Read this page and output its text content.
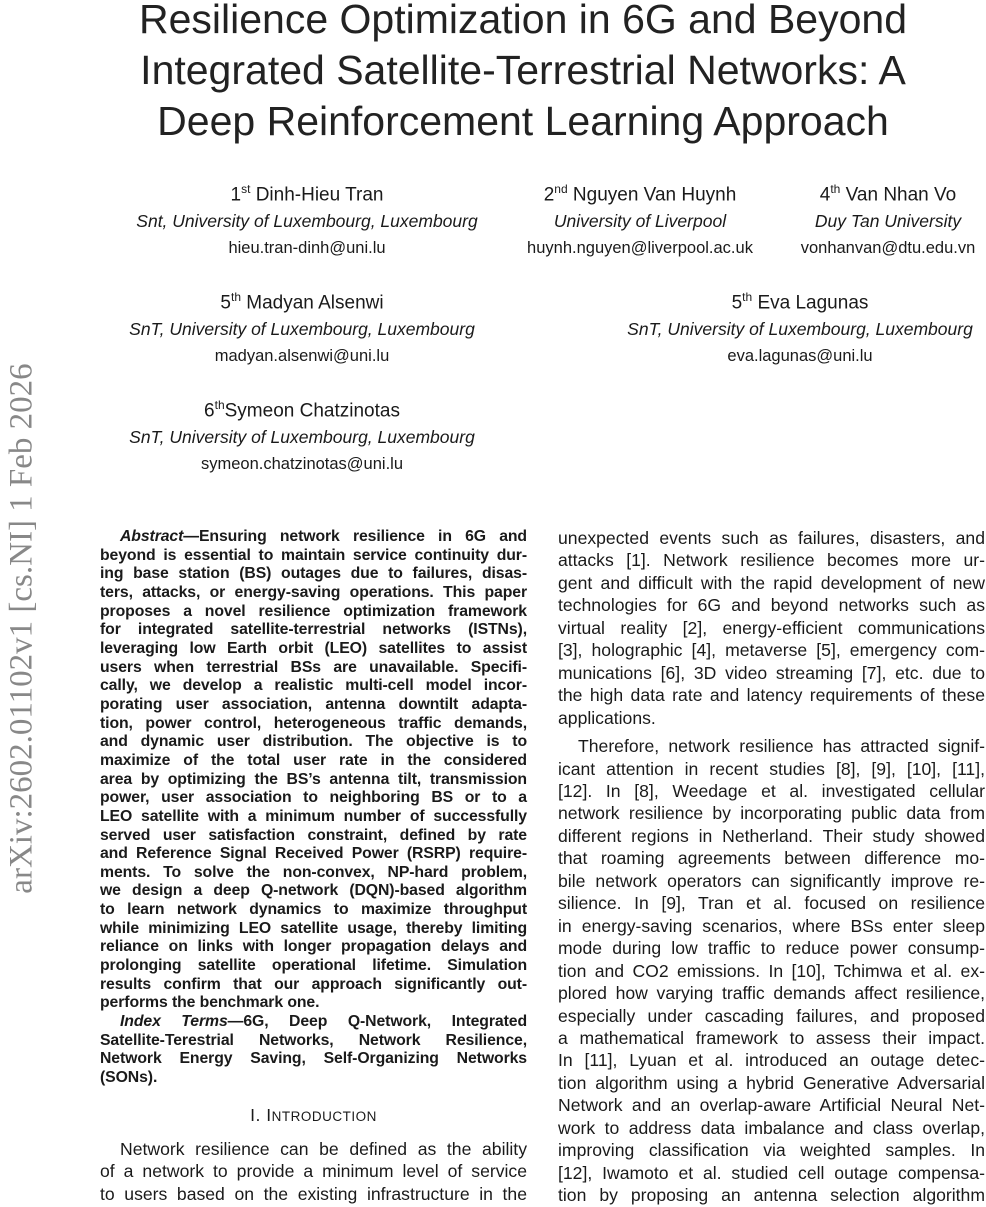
arXiv:2602.01102v1 [cs.NI] 1 Feb 2026
Resilience Optimization in 6G and Beyond
Integrated Satellite-Terrestrial Networks: A
Deep Reinforcement Learning Approach
1st Dinh-Hieu Tran
Snt, University of Luxembourg, Luxembourg
hieu.tran-dinh@uni.lu
2nd Nguyen Van Huynh
University of Liverpool
huynh.nguyen@liverpool.ac.uk
4th Van Nhan Vo
Duy Tan University
vonhanvan@dtu.edu.vn
5th Madyan Alsenwi
SnT, University of Luxembourg, Luxembourg
madyan.alsenwi@uni.lu
5th Eva Lagunas
SnT, University of Luxembourg, Luxembourg
eva.lagunas@uni.lu
6thSymeon Chatzinotas
SnT, University of Luxembourg, Luxembourg
symeon.chatzinotas@uni.lu
Abstract—Ensuring network resilience in 6G and
beyond is essential to maintain service continuity dur-
ing base station (BS) outages due to failures, disas-
ters, attacks, or energy-saving operations. This paper
proposes a novel resilience optimization framework
for integrated satellite-terrestrial networks (ISTNs),
leveraging low Earth orbit (LEO) satellites to assist
users when terrestrial BSs are unavailable. Specifi-
cally, we develop a realistic multi-cell model incor-
porating user association, antenna downtilt adapta-
tion, power control, heterogeneous traffic demands,
and dynamic user distribution. The objective is to
maximize of the total user rate in the considered
area by optimizing the BS’s antenna tilt, transmission
power, user association to neighboring BS or to a
LEO satellite with a minimum number of successfully
served user satisfaction constraint, defined by rate
and Reference Signal Received Power (RSRP) require-
ments. To solve the non-convex, NP-hard problem,
we design a deep Q-network (DQN)-based algorithm
to learn network dynamics to maximize throughput
while minimizing LEO satellite usage, thereby limiting
reliance on links with longer propagation delays and
prolonging satellite operational lifetime. Simulation
results confirm that our approach significantly out-
performs the benchmark one.
Index Terms—6G, Deep Q-Network, Integrated
Satellite-Terestrial Networks, Network Resilience,
Network Energy Saving, Self-Organizing Networks
(SONs).
I. INTRODUCTION
Network resilience can be defined as the ability
of a network to provide a minimum level of service
to users based on the existing infrastructure in the
unexpected events such as failures, disasters, and
attacks [1]. Network resilience becomes more ur-
gent and difficult with the rapid development of new
technologies for 6G and beyond networks such as
virtual reality [2], energy-efficient communications
[3], holographic [4], metaverse [5], emergency com-
munications [6], 3D video streaming [7], etc. due to
the high data rate and latency requirements of these
applications.
Therefore, network resilience has attracted signif-
icant attention in recent studies [8], [9], [10], [11],
[12]. In [8], Weedage et al. investigated cellular
network resilience by incorporating public data from
different regions in Netherland. Their study showed
that roaming agreements between difference mo-
bile network operators can significantly improve re-
silience. In [9], Tran et al. focused on resilience
in energy-saving scenarios, where BSs enter sleep
mode during low traffic to reduce power consump-
tion and CO2 emissions. In [10], Tchimwa et al. ex-
plored how varying traffic demands affect resilience,
especially under cascading failures, and proposed
a mathematical framework to assess their impact.
In [11], Lyuan et al. introduced an outage detec-
tion algorithm using a hybrid Generative Adversarial
Network and an overlap-aware Artificial Neural Net-
work to address data imbalance and class overlap,
improving classification via weighted samples. In
[12], Iwamoto et al. studied cell outage compensa-
tion by proposing an antenna selection algorithm
